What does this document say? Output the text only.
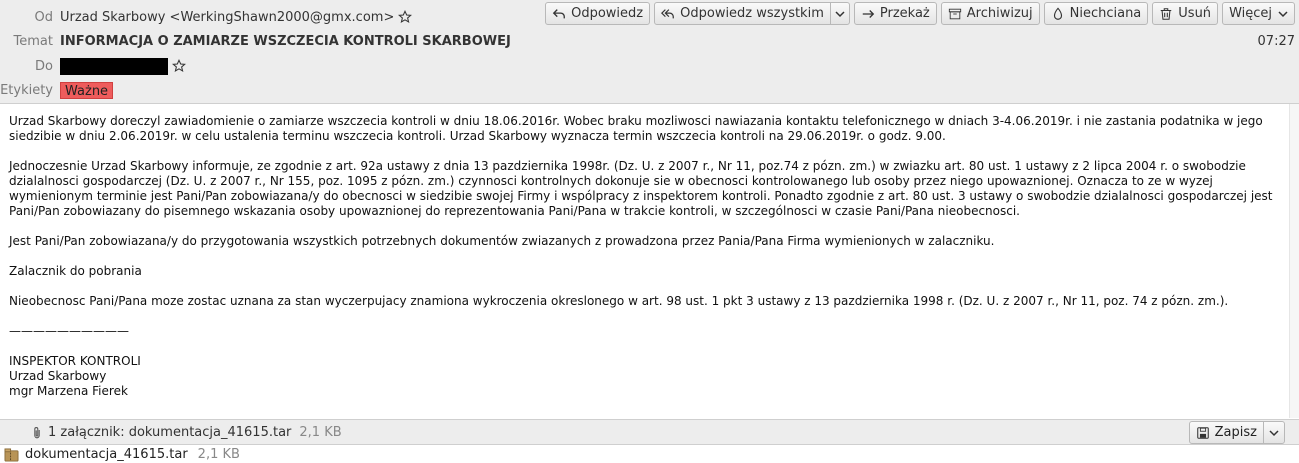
Od Urzad Skarbowy <WerkingShawn2000@gmx.com>
Temat INFORMACJA O ZAMIARZE WSZCZECIA KONTROLI SKARBOWEJ	07:27
Do
Etykiety Ważne
Odpowiedz	Odpowiedz wszystkim	Przekaż	Archiwizuj	Niechciana	Usuń Więcej

Urzad Skarbowy doreczyl zawiadomienie o zamiarze wszczecia kontroli w dniu 18.06.2016r. Wobec braku mozliwosci nawiazania kontaktu telefonicznego w dniach 3-4.06.2019r. i nie zastania podatnika w jego siedzibie w dniu 2.06.2019r. w celu ustalenia terminu wszczecia kontroli. Urzad Skarbowy wyznacza termin wszczecia kontroli na 29.06.2019r. o godz. 9.00.

Jednoczesnie Urzad Skarbowy informuje, ze zgodnie z art. 92a ustawy z dnia 13 pazdziernika 1998r. (Dz. U. z 2007 r., Nr 11, poz.74 z pózn. zm.) w zwiazku art. 80 ust. 1 ustawy z 2 lipca 2004 r. o swobodzie dzialalnosci gospodarczej (Dz. U. z 2007 r., Nr 155, poz. 1095 z pózn. zm.) czynnosci kontrolnych dokonuje sie w obecnosci kontrolowanego lub osoby przez niego upowaznionej. Oznacza to ze w wyzej wymienionym terminie jest Pani/Pan zobowiazana/y do obecnosci w siedzibie swojej Firmy i wspólpracy z inspektorem kontroli. Ponadto zgodnie z art. 80 ust. 3 ustawy o swobodzie dzialalnosci gospodarczej jest Pani/Pan zobowiazany do pisemnego wskazania osoby upowaznionej do reprezentowania Pani/Pana w trakcie kontroli, w szczególnosci w czasie Pani/Pana nieobecnosci.

Jest Pani/Pan zobowiazana/y do przygotowania wszystkich potrzebnych dokumentów zwiazanych z prowadzona przez Pania/Pana Firma wymienionych w zalaczniku.

Zalacznik do pobrania

Nieobecnosc Pani/Pana moze zostac uznana za stan wyczerpujacy znamiona wykroczenia okreslonego w art. 98 ust. 1 pkt 3 ustawy z 13 pazdziernika 1998 r. (Dz. U. z 2007 r., Nr 11, poz. 74 z pózn. zm.).

——————————

INSPEKTOR KONTROLI

Urzad Skarbowy

mgr Marzena Fierek

1 załącznik: dokumentacja_41615.tar 2,1 KB	Zapisz
dokumentacja_41615.tar 2,1 KB
